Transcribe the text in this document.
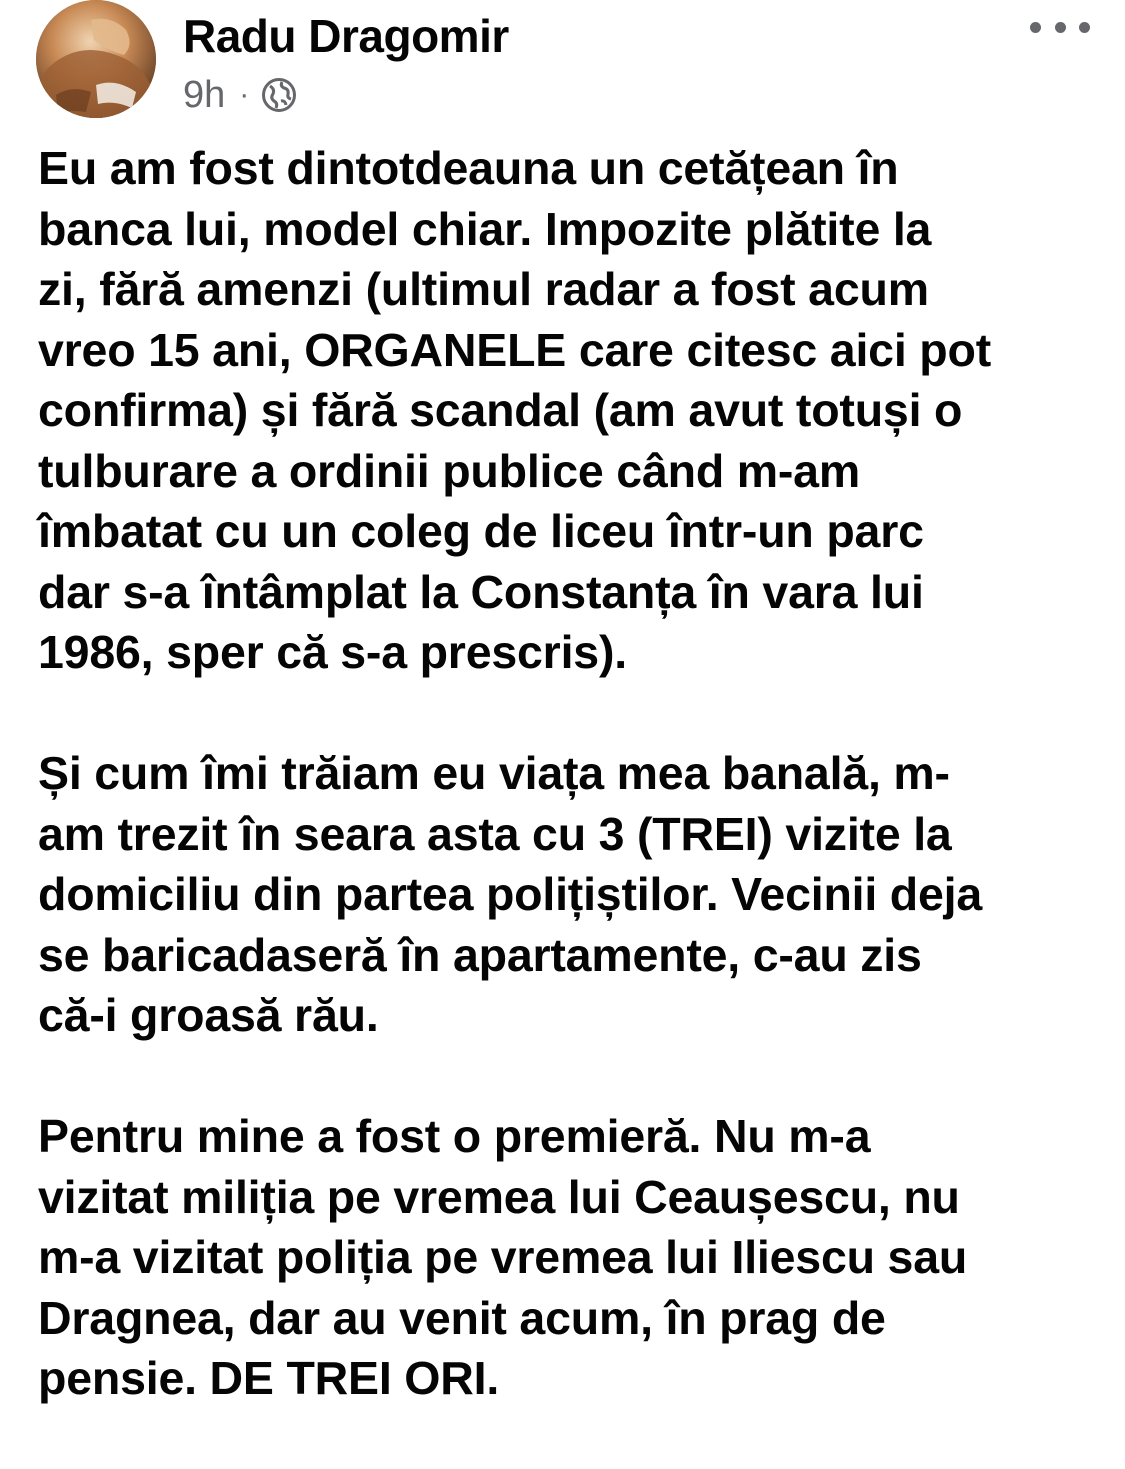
Radu Dragomir
9h ·

Eu am fost dintotdeauna un cetățean în
banca lui, model chiar. Impozite plătite la
zi, fără amenzi (ultimul radar a fost acum
vreo 15 ani, ORGANELE care citesc aici pot
confirma) și fără scandal (am avut totuși o
tulburare a ordinii publice când m-am
îmbatat cu un coleg de liceu într-un parc
dar s-a întâmplat la Constanța în vara lui
1986, sper că s-a prescris).

Și cum îmi trăiam eu viața mea banală, m-
am trezit în seara asta cu 3 (TREI) vizite la
domiciliu din partea polițiștilor. Vecinii deja
se baricadaseră în apartamente, c-au zis
că-i groasă rău.

Pentru mine a fost o premieră. Nu m-a
vizitat miliția pe vremea lui Ceaușescu, nu
m-a vizitat poliția pe vremea lui Iliescu sau
Dragnea, dar au venit acum, în prag de
pensie. DE TREI ORI.
